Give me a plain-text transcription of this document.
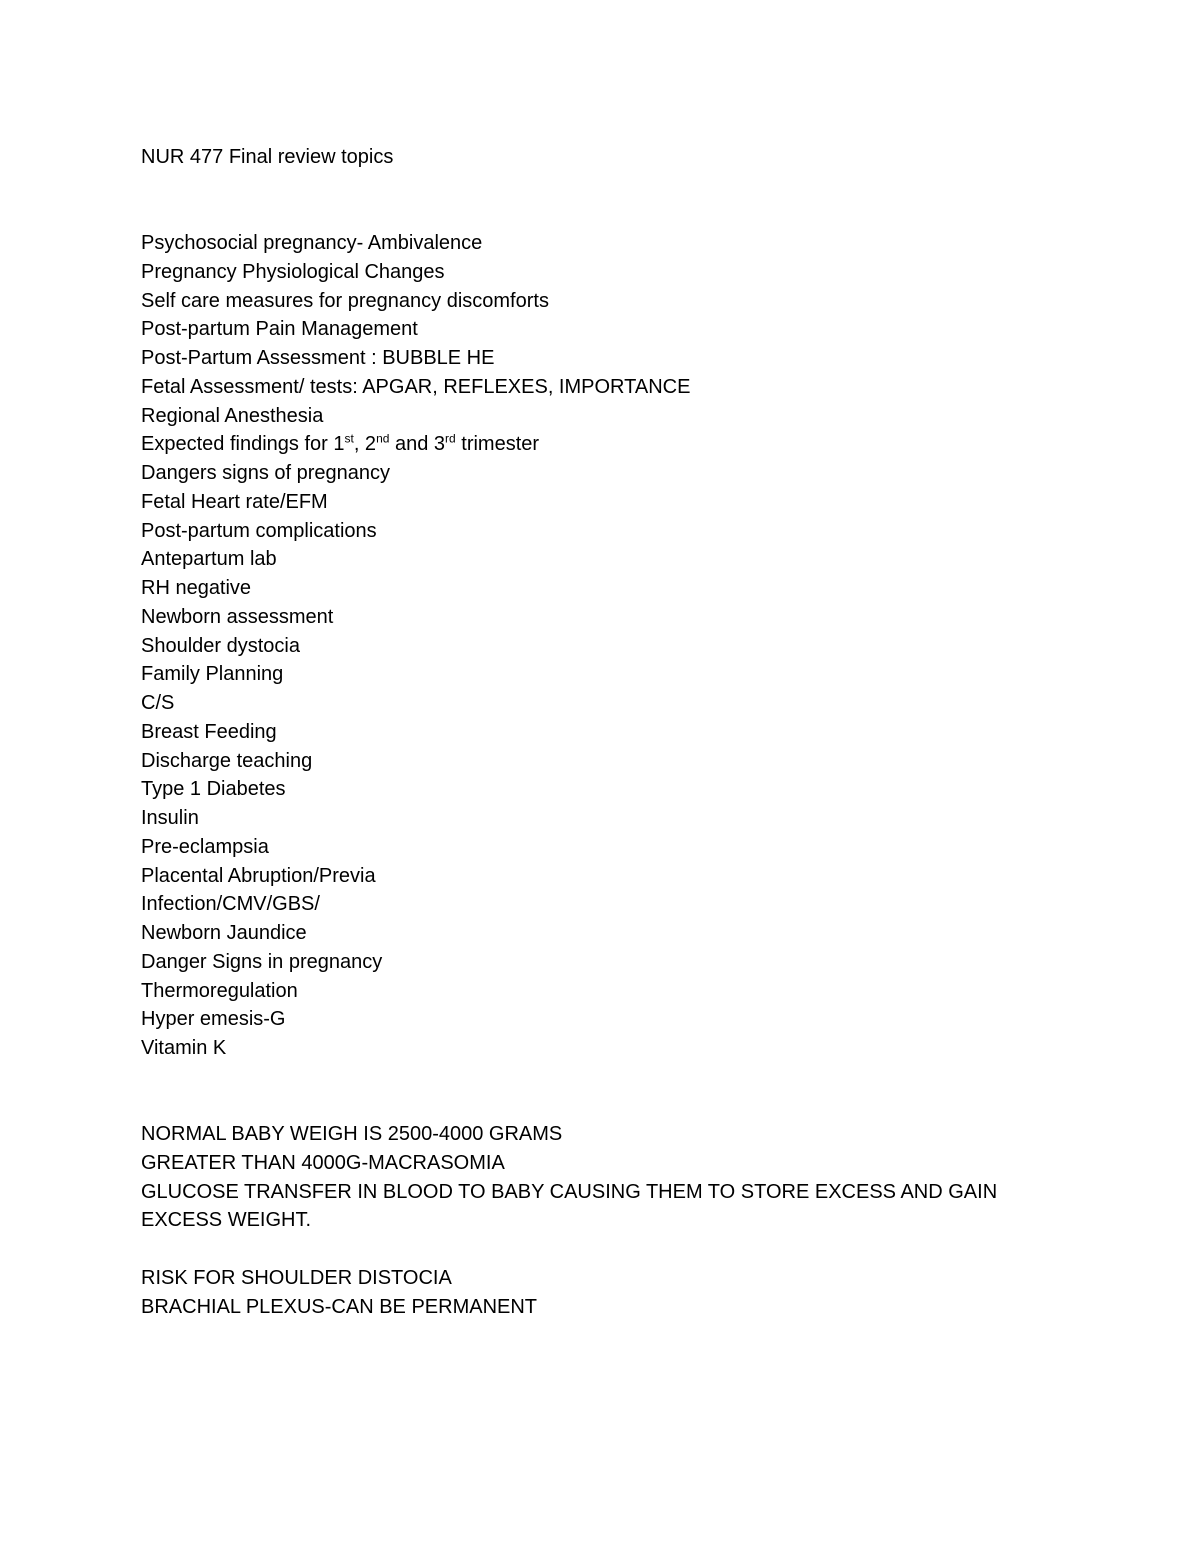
NUR 477 Final review topics
Psychosocial pregnancy- Ambivalence
Pregnancy Physiological Changes
Self care measures for pregnancy discomforts
Post-partum Pain Management
Post-Partum Assessment : BUBBLE HE
Fetal Assessment/ tests: APGAR, REFLEXES, IMPORTANCE
Regional Anesthesia
Expected findings for 1st, 2nd and 3rd trimester
Dangers signs of pregnancy
Fetal Heart rate/EFM
Post-partum complications
Antepartum lab
RH negative
Newborn assessment
Shoulder dystocia
Family Planning
C/S
Breast Feeding
Discharge teaching
Type 1 Diabetes
Insulin
Pre-eclampsia
Placental Abruption/Previa
Infection/CMV/GBS/
Newborn Jaundice
Danger Signs in pregnancy
Thermoregulation
Hyper emesis-G
Vitamin K

NORMAL BABY WEIGH IS 2500-4000 GRAMS

GREATER THAN 4000G-MACRASOMIA

GLUCOSE TRANSFER IN BLOOD TO BABY CAUSING THEM TO STORE EXCESS AND GAIN EXCESS WEIGHT.

RISK FOR SHOULDER DISTOCIA

BRACHIAL PLEXUS-CAN BE PERMANENT
